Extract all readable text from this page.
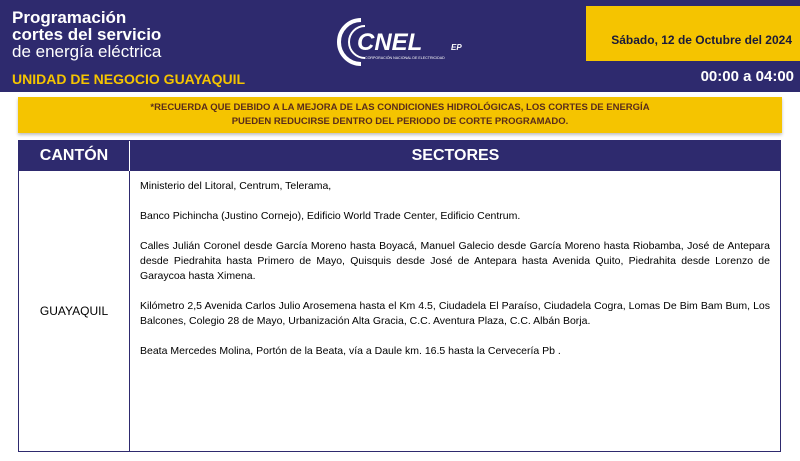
Programación
cortes del servicio
de energía eléctrica
UNIDAD DE NEGOCIO GUAYAQUIL
CNEL	EP
CORPORACIÓN NACIONAL DE ELECTRICIDAD
Sábado, 12 de Octubre del 2024
00:00 a 04:00
*RECUERDA QUE DEBIDO A LA MEJORA DE LAS CONDICIONES HIDROLÓGICAS, LOS CORTES DE ENERGÍA
PUEDEN REDUCIRSE DENTRO DEL PERIODO DE CORTE PROGRAMADO.
CANTÓN	SECTORES
GUAYAQUIL

Ministerio del Litoral, Centrum, Telerama,

Banco Pichincha (Justino Cornejo), Edificio World Trade Center, Edificio Centrum.

Calles Julián Coronel desde García Moreno hasta Boyacá, Manuel Galecio desde García Moreno hasta Riobamba, José de Antepara desde Piedrahita hasta Primero de Mayo, Quisquis desde José de Antepara hasta Avenida Quito, Piedrahita desde Lorenzo de Garaycoa hasta Ximena.

Kilómetro 2,5 Avenida Carlos Julio Arosemena hasta el Km 4.5, Ciudadela El Paraíso, Ciudadela Cogra, Lomas De Bim Bam Bum, Los Balcones, Colegio 28 de Mayo, Urbanización Alta Gracia, C.C. Aventura Plaza, C.C. Albán Borja.

Beata Mercedes Molina, Portón de la Beata, vía a Daule km. 16.5 hasta la Cervecería Pb .
